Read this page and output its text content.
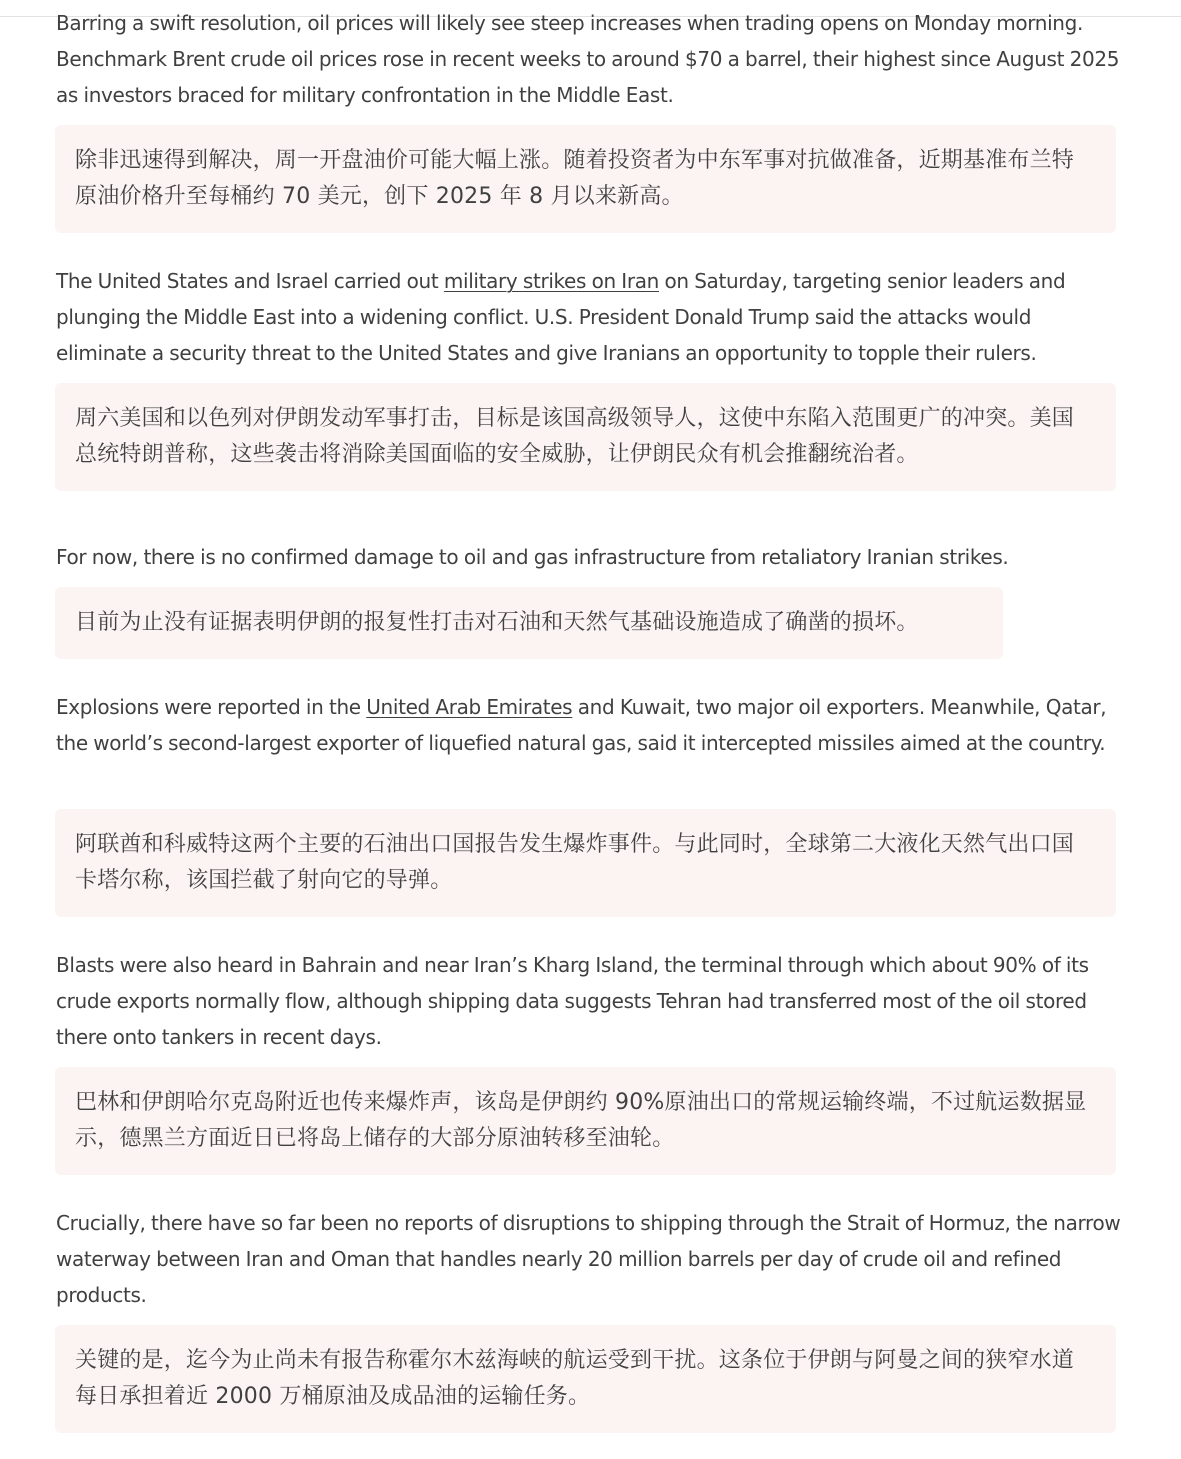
Barring a swift resolution, oil prices will likely see steep increases when trading opens on Monday morning. Benchmark Brent crude oil prices rose in recent weeks to around $70 a barrel, their highest since August 2025 as investors braced for military confrontation in the Middle East.

除非迅速得到解决，周一开盘油价可能大幅上涨。随着投资者为中东军事对抗做准备，近期基准布兰特原油价格升至每桶约 70 美元，创下 2025 年 8 月以来新高。

The United States and Israel carried out military strikes on Iran on Saturday, targeting senior leaders and plunging the Middle East into a widening conflict. U.S. President Donald Trump said the attacks would eliminate a security threat to the United States and give Iranians an opportunity to topple their rulers.

周六美国和以色列对伊朗发动军事打击，目标是该国高级领导人，这使中东陷入范围更广的冲突。美国总统特朗普称，这些袭击将消除美国面临的安全威胁，让伊朗民众有机会推翻统治者。

For now, there is no confirmed damage to oil and gas infrastructure from retaliatory Iranian strikes.

目前为止没有证据表明伊朗的报复性打击对石油和天然气基础设施造成了确凿的损坏。

Explosions were reported in the United Arab Emirates and Kuwait, two major oil exporters. Meanwhile, Qatar, the world’s second-largest exporter of liquefied natural gas, said it intercepted missiles aimed at the country.

阿联酋和科威特这两个主要的石油出口国报告发生爆炸事件。与此同时，全球第二大液化天然气出口国卡塔尔称，该国拦截了射向它的导弹。

Blasts were also heard in Bahrain and near Iran’s Kharg Island, the terminal through which about 90% of its crude exports normally flow, although shipping data suggests Tehran had transferred most of the oil stored there onto tankers in recent days.

巴林和伊朗哈尔克岛附近也传来爆炸声，该岛是伊朗约 90%原油出口的常规运输终端，不过航运数据显示，德黑兰方面近日已将岛上储存的大部分原油转移至油轮。

Crucially, there have so far been no reports of disruptions to shipping through the Strait of Hormuz, the narrow waterway between Iran and Oman that handles nearly 20 million barrels per day of crude oil and refined products.

关键的是，迄今为止尚未有报告称霍尔木兹海峡的航运受到干扰。这条位于伊朗与阿曼之间的狭窄水道每日承担着近 2000 万桶原油及成品油的运输任务。
